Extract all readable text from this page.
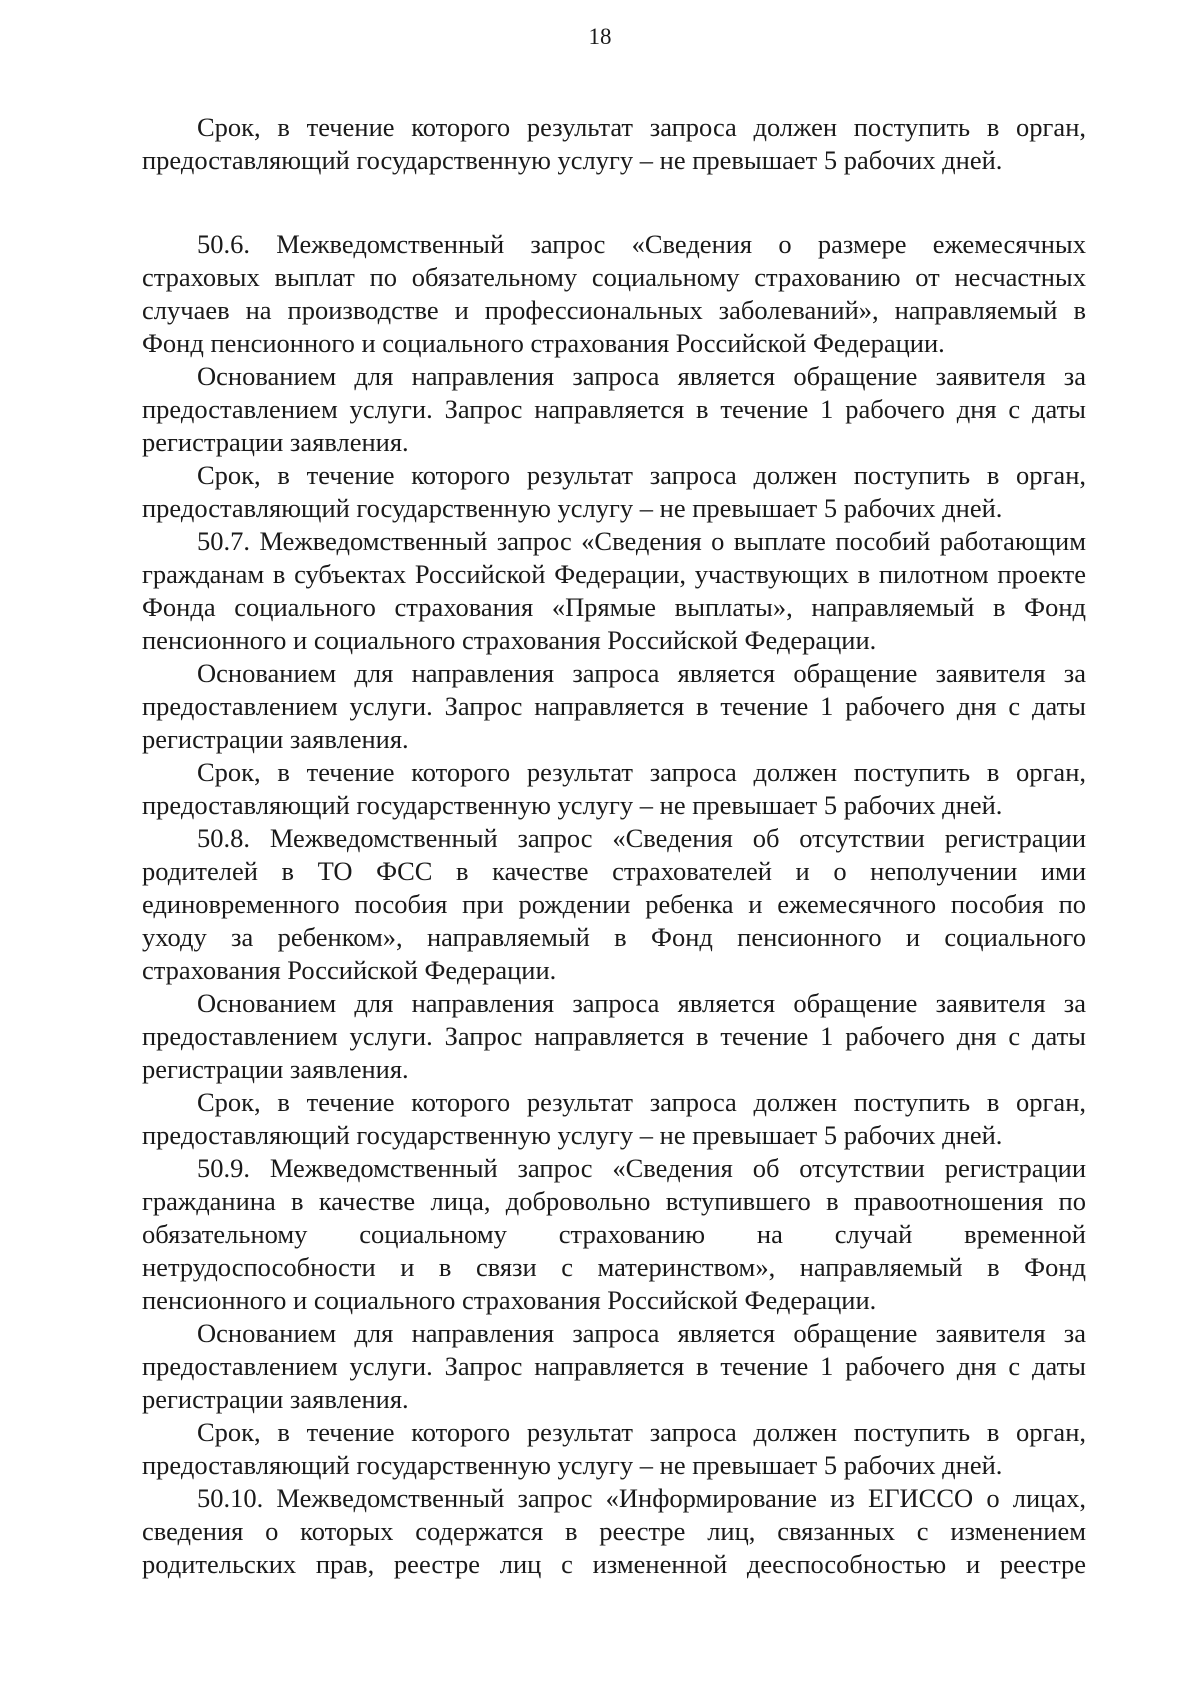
18

Срок, в течение которого результат запроса должен поступить в орган, предоставляющий государственную услугу – не превышает 5 рабочих дней.

50.6. Межведомственный запрос «Сведения о размере ежемесячных страховых выплат по обязательному социальному страхованию от несчастных случаев на производстве и профессиональных заболеваний», направляемый в Фонд пенсионного и социального страхования Российской Федерации.

Основанием для направления запроса является обращение заявителя за предоставлением услуги. Запрос направляется в течение 1 рабочего дня с даты регистрации заявления.

Срок, в течение которого результат запроса должен поступить в орган, предоставляющий государственную услугу – не превышает 5 рабочих дней.

50.7. Межведомственный запрос «Сведения о выплате пособий работающим гражданам в субъектах Российской Федерации, участвующих в пилотном проекте Фонда социального страхования «Прямые выплаты», направляемый в Фонд пенсионного и социального страхования Российской Федерации.

Основанием для направления запроса является обращение заявителя за предоставлением услуги. Запрос направляется в течение 1 рабочего дня с даты регистрации заявления.

Срок, в течение которого результат запроса должен поступить в орган, предоставляющий государственную услугу – не превышает 5 рабочих дней.

50.8. Межведомственный запрос «Сведения об отсутствии регистрации родителей в ТО ФСС в качестве страхователей и о неполучении ими единовременного пособия при рождении ребенка и ежемесячного пособия по уходу за ребенком», направляемый в Фонд пенсионного и социального страхования Российской Федерации.

Основанием для направления запроса является обращение заявителя за предоставлением услуги. Запрос направляется в течение 1 рабочего дня с даты регистрации заявления.

Срок, в течение которого результат запроса должен поступить в орган, предоставляющий государственную услугу – не превышает 5 рабочих дней.

50.9. Межведомственный запрос «Сведения об отсутствии регистрации гражданина в качестве лица, добровольно вступившего в правоотношения по обязательному социальному страхованию на случай временной нетрудоспособности и в связи с материнством», направляемый в Фонд пенсионного и социального страхования Российской Федерации.

Основанием для направления запроса является обращение заявителя за предоставлением услуги. Запрос направляется в течение 1 рабочего дня с даты регистрации заявления.

Срок, в течение которого результат запроса должен поступить в орган, предоставляющий государственную услугу – не превышает 5 рабочих дней.

50.10. Межведомственный запрос «Информирование из ЕГИССО о лицах, сведения о которых содержатся в реестре лиц, связанных с изменением родительских прав, реестре лиц с измененной дееспособностью и реестре
